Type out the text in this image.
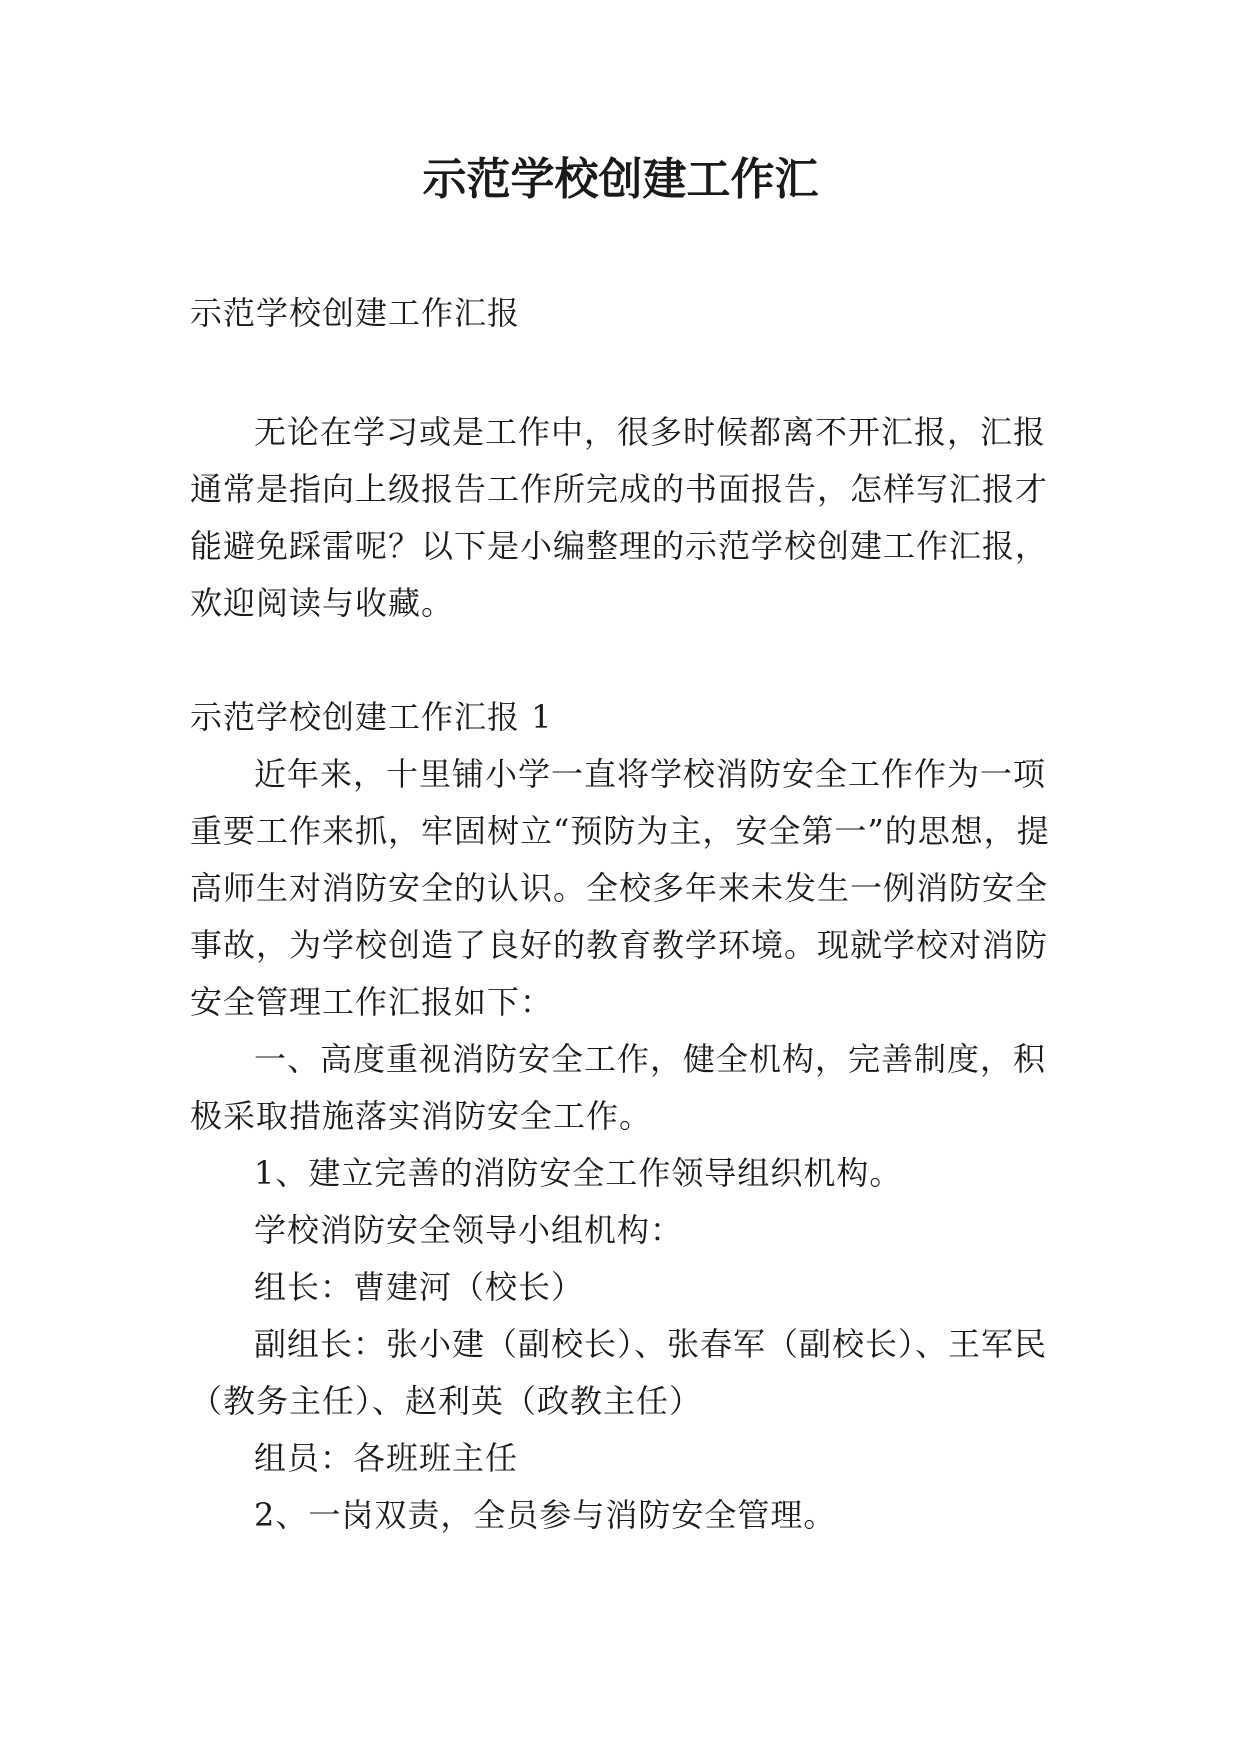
示范学校创建工作汇

示范学校创建工作汇报

无论在学习或是工作中，很多时候都离不开汇报，汇报通常是指向上级报告工作所完成的书面报告，怎样写汇报才能避免踩雷呢？以下是小编整理的示范学校创建工作汇报，欢迎阅读与收藏。

示范学校创建工作汇报 1

近年来，十里铺小学一直将学校消防安全工作作为一项重要工作来抓，牢固树立“预防为主，安全第一”的思想，提高师生对消防安全的认识。全校多年来未发生一例消防安全事故，为学校创造了良好的教育教学环境。现就学校对消防安全管理工作汇报如下：

一、高度重视消防安全工作，健全机构，完善制度，积极采取措施落实消防安全工作。

1、建立完善的消防安全工作领导组织机构。

学校消防安全领导小组机构：

组长：曹建河（校长）

副组长：张小建（副校长）、张春军（副校长）、王军民（教务主任）、赵利英（政教主任）

组员：各班班主任

2、一岗双责，全员参与消防安全管理。
